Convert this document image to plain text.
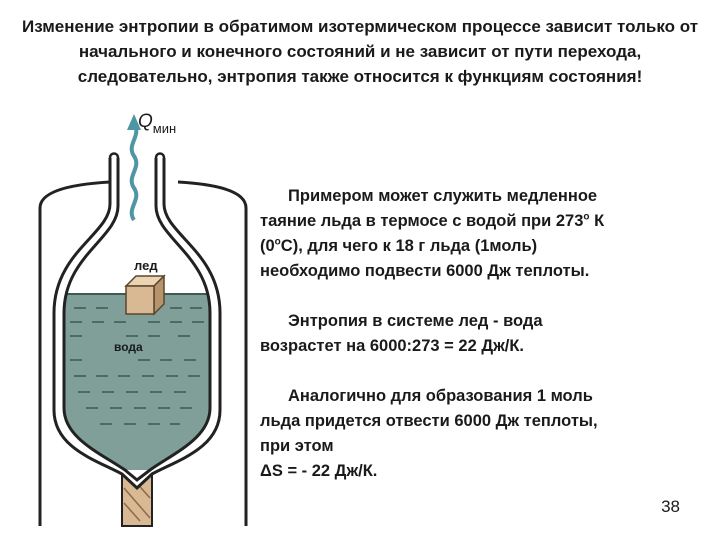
Изменение энтропии в обратимом изотермическом процессе зависит только от начального и конечного состояний и не зависит от пути перехода, следовательно, энтропия также относится к функциям состояния!
$Q_{мин}$
лед
вода

Примером может служить медленное
таяние льда в термосе с водой при $273^о$ К
$(0^оС)$, для чего к 18 г льда (1моль)
необходимо подвести 6000 Дж теплоты.

Энтропия в системе лед - вода
возрастет на 6000:273 = 22 Дж/К.

Аналогично для образования 1 моль
льда придется отвести 6000 Дж теплоты,
при этом
ΔS = - 22 Дж/К.

38
